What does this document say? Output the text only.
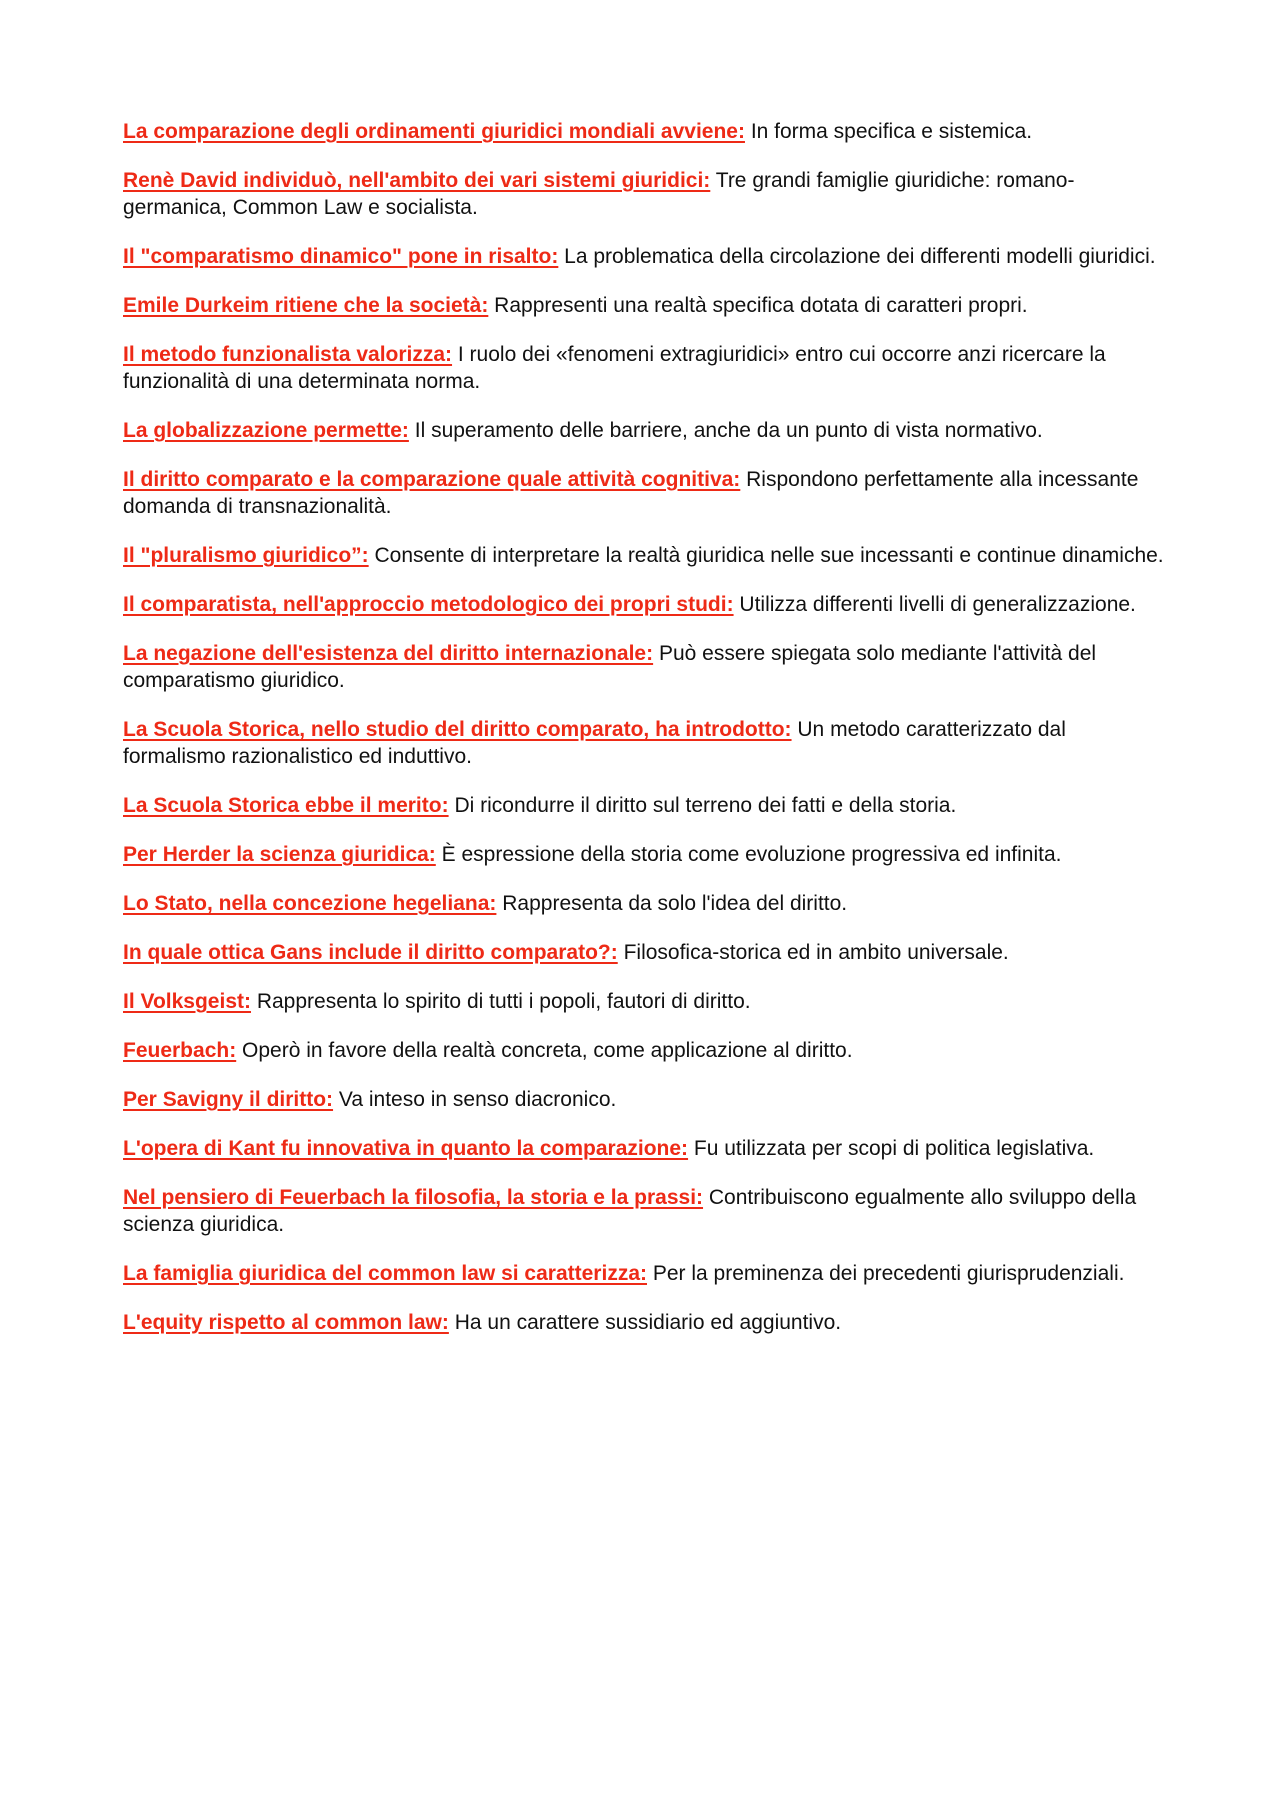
La comparazione degli ordinamenti giuridici mondiali avviene: In forma specifica e sistemica.

Renè David individuò, nell'ambito dei vari sistemi giuridici: Tre grandi famiglie giuridiche: romano-germanica, Common Law e socialista.

Il "comparatismo dinamico" pone in risalto: La problematica della circolazione dei differenti modelli giuridici.

Emile Durkeim ritiene che la società: Rappresenti una realtà specifica dotata di caratteri propri.

Il metodo funzionalista valorizza: I ruolo dei «fenomeni extragiuridici» entro cui occorre anzi ricercare la funzionalità di una determinata norma.

La globalizzazione permette: Il superamento delle barriere, anche da un punto di vista normativo.

Il diritto comparato e la comparazione quale attività cognitiva: Rispondono perfettamente alla incessante domanda di transnazionalità.

Il "pluralismo giuridico”: Consente di interpretare la realtà giuridica nelle sue incessanti e continue dinamiche.

Il comparatista, nell'approccio metodologico dei propri studi: Utilizza differenti livelli di generalizzazione.

La negazione dell'esistenza del diritto internazionale: Può essere spiegata solo mediante l'attività del comparatismo giuridico.

La Scuola Storica, nello studio del diritto comparato, ha introdotto: Un metodo caratterizzato dal formalismo razionalistico ed induttivo.

La Scuola Storica ebbe il merito: Di ricondurre il diritto sul terreno dei fatti e della storia.

Per Herder la scienza giuridica: È espressione della storia come evoluzione progressiva ed infinita.

Lo Stato, nella concezione hegeliana: Rappresenta da solo l'idea del diritto.

In quale ottica Gans include il diritto comparato?: Filosofica-storica ed in ambito universale.

Il Volksgeist: Rappresenta lo spirito di tutti i popoli, fautori di diritto.

Feuerbach: Operò in favore della realtà concreta, come applicazione al diritto.

Per Savigny il diritto: Va inteso in senso diacronico.

L'opera di Kant fu innovativa in quanto la comparazione: Fu utilizzata per scopi di politica legislativa.

Nel pensiero di Feuerbach la filosofia, la storia e la prassi: Contribuiscono egualmente allo sviluppo della scienza giuridica.

La famiglia giuridica del common law si caratterizza: Per la preminenza dei precedenti giurisprudenziali.

L'equity rispetto al common law: Ha un carattere sussidiario ed aggiuntivo.
